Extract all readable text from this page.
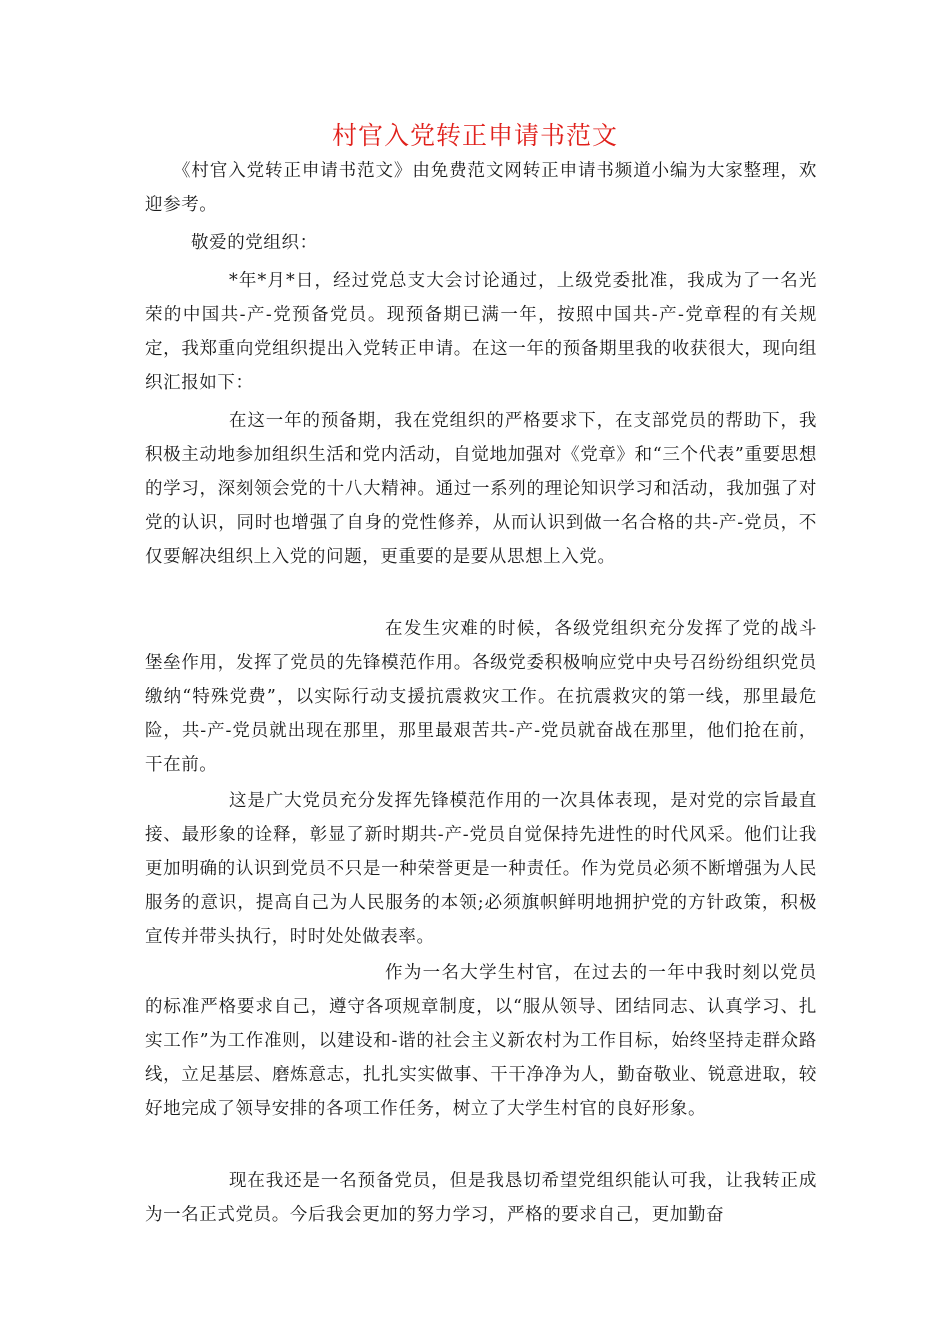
村官入党转正申请书范文
《村官入党转正申请书范文》由免费范文网转正申请书频道小编为大家整理，欢迎参考。
敬爱的党组织：
*年*月*日，经过党总支大会讨论通过，上级党委批准，我成为了一名光荣的中国共-产-党预备党员。现预备期已满一年，按照中国共-产-党章程的有关规定，我郑重向党组织提出入党转正申请。在这一年的预备期里我的收获很大，现向组织汇报如下：
在这一年的预备期，我在党组织的严格要求下，在支部党员的帮助下，我积极主动地参加组织生活和党内活动，自觉地加强对《党章》和“三个代表”重要思想的学习，深刻领会党的十八大精神。通过一系列的理论知识学习和活动，我加强了对党的认识，同时也增强了自身的党性修养，从而认识到做一名合格的共-产-党员，不仅要解决组织上入党的问题，更重要的是要从思想上入党。
在发生灾难的时候，各级党组织充分发挥了党的战斗堡垒作用，发挥了党员的先锋模范作用。各级党委积极响应党中央号召纷纷组织党员缴纳“特殊党费”，以实际行动支援抗震救灾工作。在抗震救灾的第一线，那里最危险，共-产-党员就出现在那里，那里最艰苦共-产-党员就奋战在那里，他们抢在前，干在前。
这是广大党员充分发挥先锋模范作用的一次具体表现，是对党的宗旨最直接、最形象的诠释，彰显了新时期共-产-党员自觉保持先进性的时代风采。他们让我更加明确的认识到党员不只是一种荣誉更是一种责任。作为党员必须不断增强为人民服务的意识，提高自己为人民服务的本领;必须旗帜鲜明地拥护党的方针政策，积极宣传并带头执行，时时处处做表率。
作为一名大学生村官，在过去的一年中我时刻以党员的标准严格要求自己，遵守各项规章制度，以“服从领导、团结同志、认真学习、扎实工作”为工作准则，以建设和-谐的社会主义新农村为工作目标，始终坚持走群众路线，立足基层、磨炼意志，扎扎实实做事、干干净净为人，勤奋敬业、锐意进取，较好地完成了领导安排的各项工作任务，树立了大学生村官的良好形象。
现在我还是一名预备党员，但是我恳切希望党组织能认可我，让我转正成为一名正式党员。今后我会更加的努力学习，严格的要求自己，更加勤奋
